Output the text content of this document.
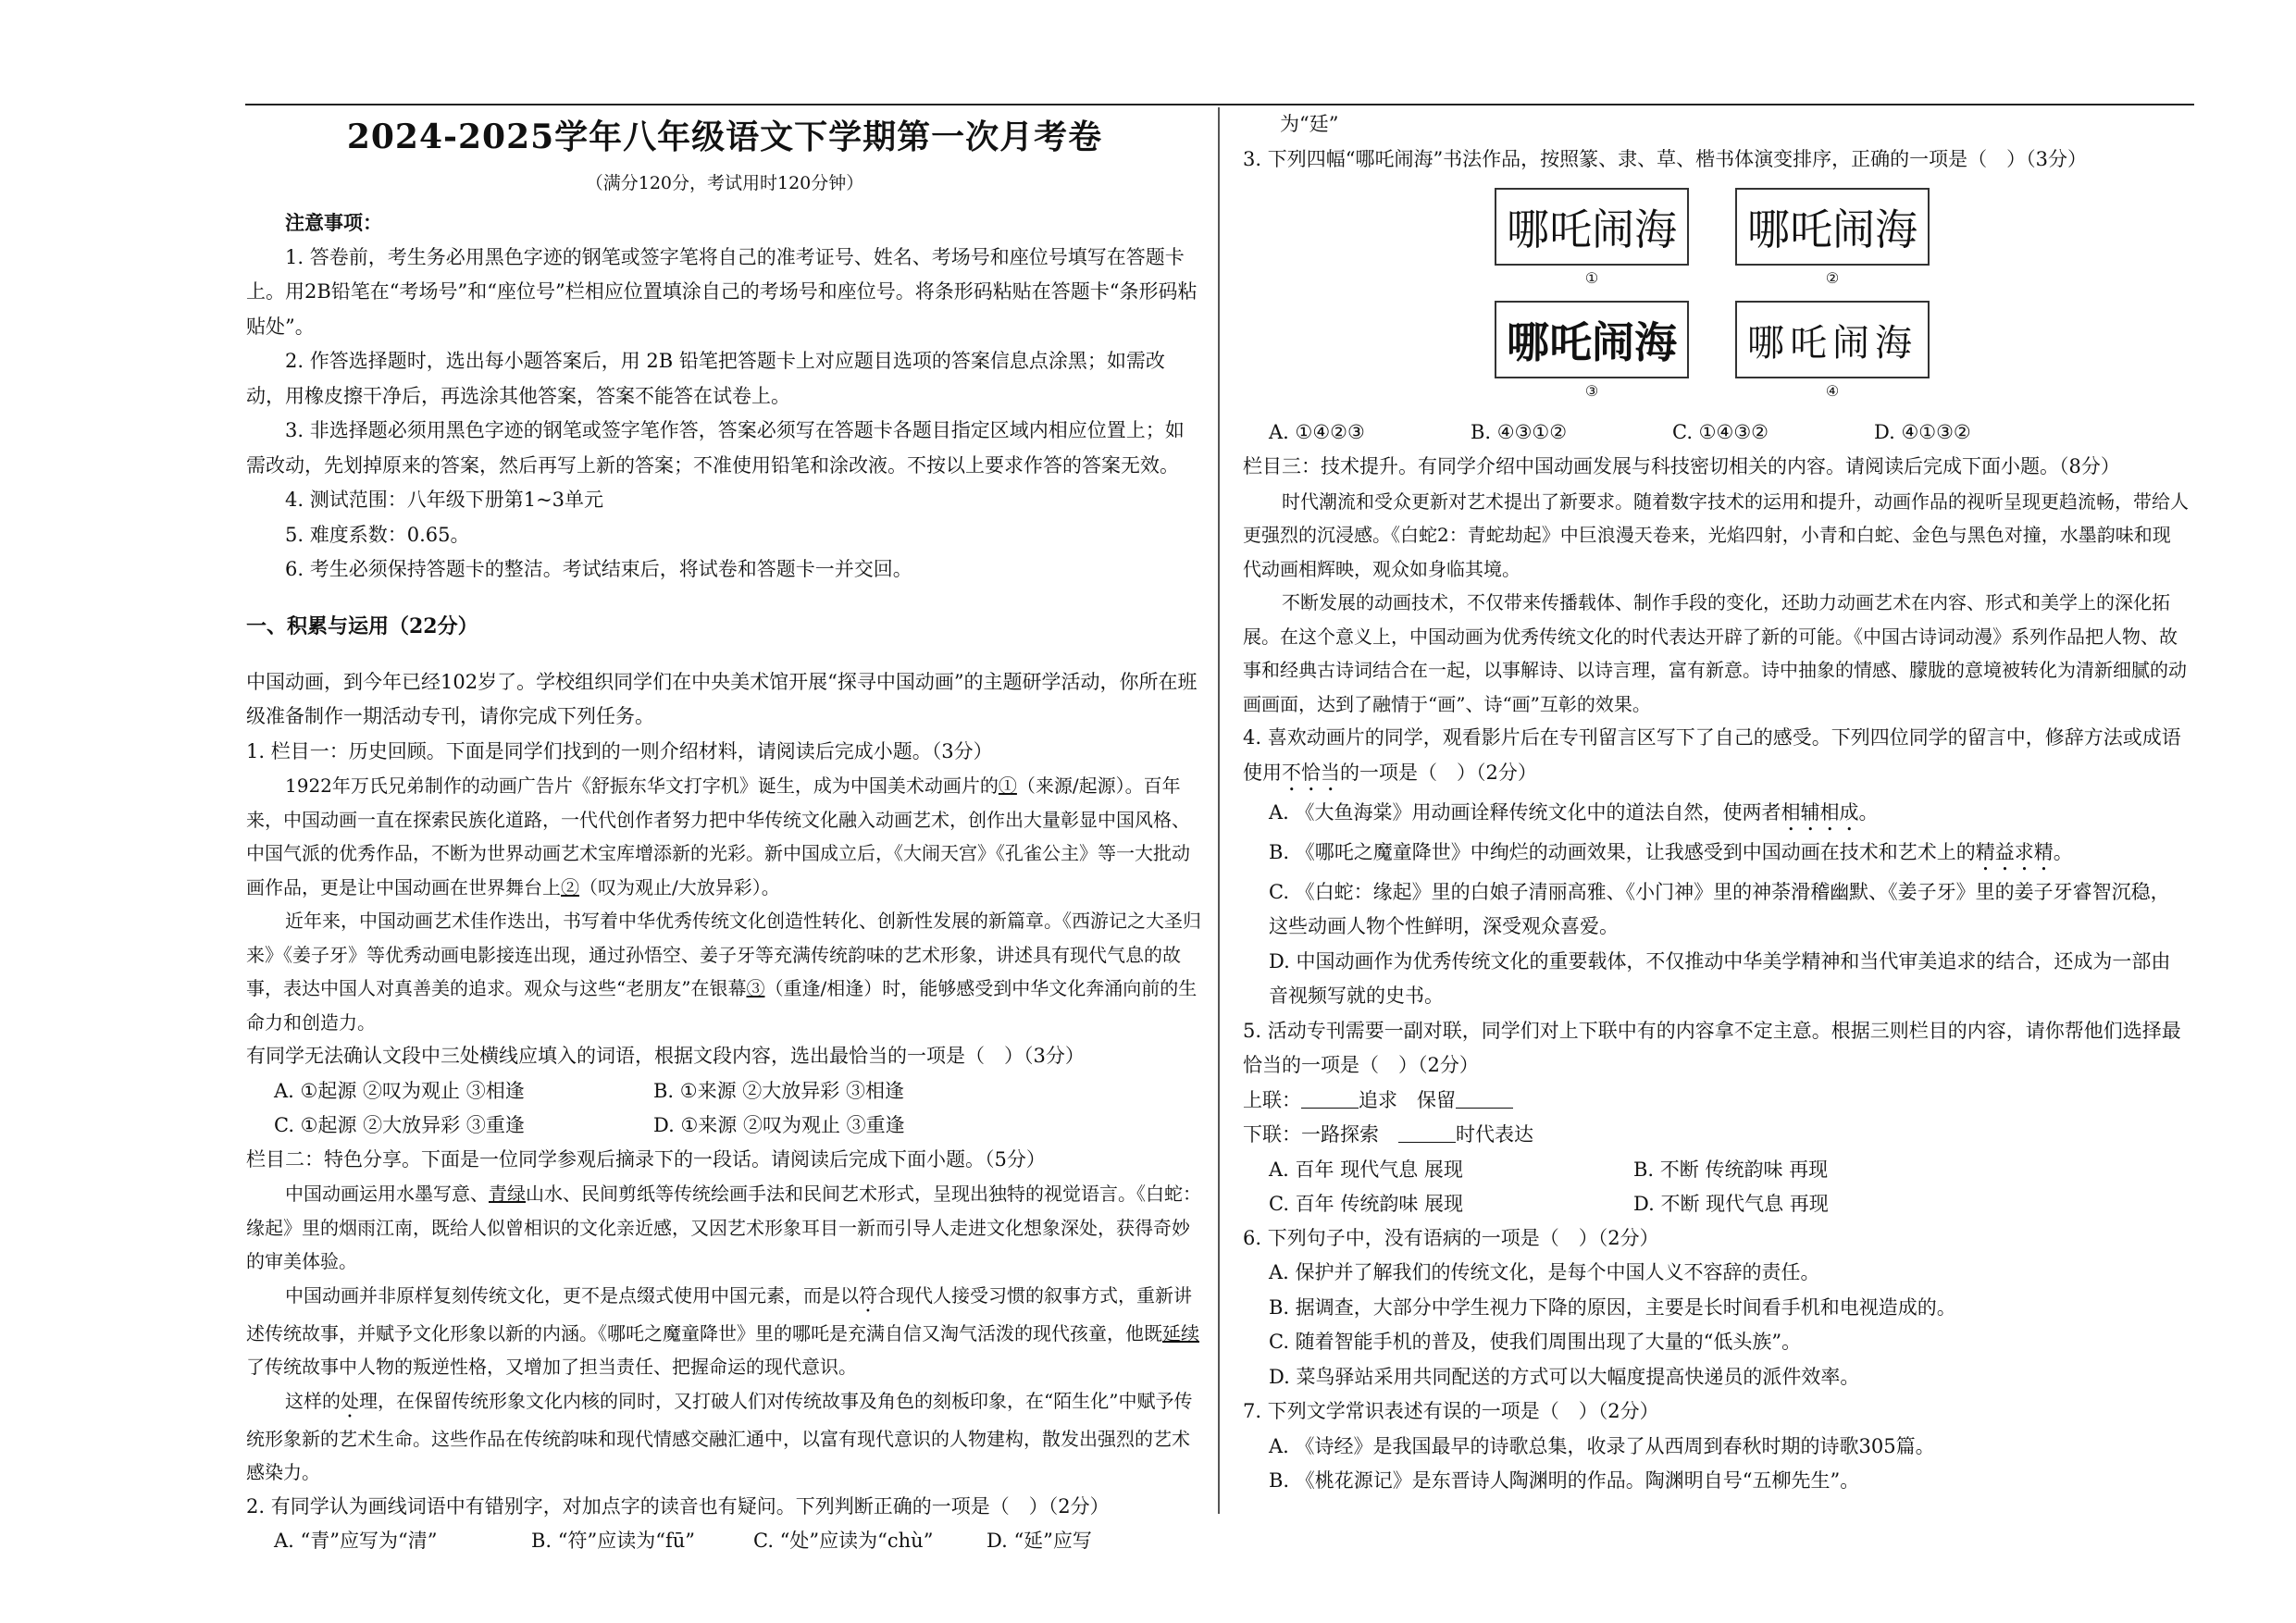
2024-2025学年八年级语文下学期第一次月考卷
（满分120分，考试用时120分钟）

注意事项：

1. 答卷前，考生务必用黑色字迹的钢笔或签字笔将自己的准考证号、姓名、考场号和座位号填写在答题卡上。用2B铅笔在“考场号”和“座位号”栏相应位置填涂自己的考场号和座位号。将条形码粘贴在答题卡“条形码粘贴处”。

2. 作答选择题时，选出每小题答案后，用 2B 铅笔把答题卡上对应题目选项的答案信息点涂黑；如需改动，用橡皮擦干净后，再选涂其他答案，答案不能答在试卷上。

3. 非选择题必须用黑色字迹的钢笔或签字笔作答，答案必须写在答题卡各题目指定区域内相应位置上；如需改动，先划掉原来的答案，然后再写上新的答案；不准使用铅笔和涂改液。不按以上要求作答的答案无效。

4. 测试范围：八年级下册第1~3单元

5. 难度系数：0.65。

6. 考生必须保持答题卡的整洁。考试结束后，将试卷和答题卡一并交回。

一、积累与运用（22分）

中国动画，到今年已经102岁了。学校组织同学们在中央美术馆开展“探寻中国动画”的主题研学活动，你所在班级准备制作一期活动专刊，请你完成下列任务。

1. 栏目一：历史回顾。下面是同学们找到的一则介绍材料，请阅读后完成小题。（3分）

1922年万氏兄弟制作的动画广告片《舒振东华文打字机》诞生，成为中国美术动画片的①（来源/起源）。百年来，中国动画一直在探索民族化道路，一代代创作者努力把中华传统文化融入动画艺术，创作出大量彰显中国风格、中国气派的优秀作品，不断为世界动画艺术宝库增添新的光彩。新中国成立后，《大闹天宫》《孔雀公主》等一大批动画作品，更是让中国动画在世界舞台上②（叹为观止/大放异彩）。

近年来，中国动画艺术佳作迭出，书写着中华优秀传统文化创造性转化、创新性发展的新篇章。《西游记之大圣归来》《姜子牙》等优秀动画电影接连出现，通过孙悟空、姜子牙等充满传统韵味的艺术形象，讲述具有现代气息的故事，表达中国人对真善美的追求。观众与这些“老朋友”在银幕③（重逢/相逢）时，能够感受到中华文化奔涌向前的生命力和创造力。

有同学无法确认文段中三处横线应填入的词语，根据文段内容，选出最恰当的一项是（　）（3分）

A. ①起源 ②叹为观止 ③相逢	B. ①来源 ②大放异彩 ③相逢
C. ①起源 ②大放异彩 ③重逢	D. ①来源 ②叹为观止 ③重逢

栏目二：特色分享。下面是一位同学参观后摘录下的一段话。请阅读后完成下面小题。（5分）

中国动画运用水墨写意、青绿山水、民间剪纸等传统绘画手法和民间艺术形式，呈现出独特的视觉语言。《白蛇：缘起》里的烟雨江南，既给人似曾相识的文化亲近感，又因艺术形象耳目一新而引导人走进文化想象深处，获得奇妙的审美体验。

中国动画并非原样复刻传统文化，更不是点缀式使用中国元素，而是以符合现代人接受习惯的叙事方式，重新讲述传统故事，并赋予文化形象以新的内涵。《哪吒之魔童降世》里的哪吒是充满自信又淘气活泼的现代孩童，他既延续了传统故事中人物的叛逆性格，又增加了担当责任、把握命运的现代意识。

这样的处理，在保留传统形象文化内核的同时，又打破人们对传统故事及角色的刻板印象，在“陌生化”中赋予传统形象新的艺术生命。这些作品在传统韵味和现代情感交融汇通中，以富有现代意识的人物建构，散发出强烈的艺术感染力。

2. 有同学认为画线词语中有错别字，对加点字的读音也有疑问。下列判断正确的一项是（　）（2分）

A. “青”应写为“清”	B. “符”应读为“fū”	C. “处”应读为“chù”	D. “延”应写

为“廷”

3. 下列四幅“哪吒闹海”书法作品，按照篆、隶、草、楷书体演变排序，正确的一项是（　）（3分）

哪吒闹海
①
哪吒闹海
②
哪吒闹海
③
哪吒闹海
④
A. ①④②③	B. ④③①②	C. ①④③②	D. ④①③②

栏目三：技术提升。有同学介绍中国动画发展与科技密切相关的内容。请阅读后完成下面小题。（8分）

时代潮流和受众更新对艺术提出了新要求。随着数字技术的运用和提升，动画作品的视听呈现更趋流畅，带给人更强烈的沉浸感。《白蛇2：青蛇劫起》中巨浪漫天卷来，光焰四射，小青和白蛇、金色与黑色对撞，水墨韵味和现代动画相辉映，观众如身临其境。

不断发展的动画技术，不仅带来传播载体、制作手段的变化，还助力动画艺术在内容、形式和美学上的深化拓展。在这个意义上，中国动画为优秀传统文化的时代表达开辟了新的可能。《中国古诗词动漫》系列作品把人物、故事和经典古诗词结合在一起，以事解诗、以诗言理，富有新意。诗中抽象的情感、朦胧的意境被转化为清新细腻的动画画面，达到了融情于“画”、诗“画”互彰的效果。

4. 喜欢动画片的同学，观看影片后在专刊留言区写下了自己的感受。下列四位同学的留言中，修辞方法或成语使用不恰当的一项是（　）（2分）

A. 《大鱼海棠》用动画诠释传统文化中的道法自然，使两者相辅相成。

B. 《哪吒之魔童降世》中绚烂的动画效果，让我感受到中国动画在技术和艺术上的精益求精。

C. 《白蛇：缘起》里的白娘子清丽高雅、《小门神》里的神荼滑稽幽默、《姜子牙》里的姜子牙睿智沉稳，这些动画人物个性鲜明，深受观众喜爱。

D. 中国动画作为优秀传统文化的重要载体，不仅推动中华美学精神和当代审美追求的结合，还成为一部由音视频写就的史书。

5. 活动专刊需要一副对联，同学们对上下联中有的内容拿不定主意。根据三则栏目的内容，请你帮他们选择最恰当的一项是（　）（2分）

上联：	追求　保留

下联：一路探索　	时代表达

A. 百年 现代气息 展现	B. 不断 传统韵味 再现
C. 百年 传统韵味 展现	D. 不断 现代气息 再现

6. 下列句子中，没有语病的一项是（　）（2分）

A. 保护并了解我们的传统文化，是每个中国人义不容辞的责任。

B. 据调查，大部分中学生视力下降的原因，主要是长时间看手机和电视造成的。

C. 随着智能手机的普及，使我们周围出现了大量的“低头族”。

D. 菜鸟驿站采用共同配送的方式可以大幅度提高快递员的派件效率。

7. 下列文学常识表述有误的一项是（　）（2分）

A. 《诗经》是我国最早的诗歌总集，收录了从西周到春秋时期的诗歌305篇。

B. 《桃花源记》是东晋诗人陶渊明的作品。陶渊明自号“五柳先生”。
